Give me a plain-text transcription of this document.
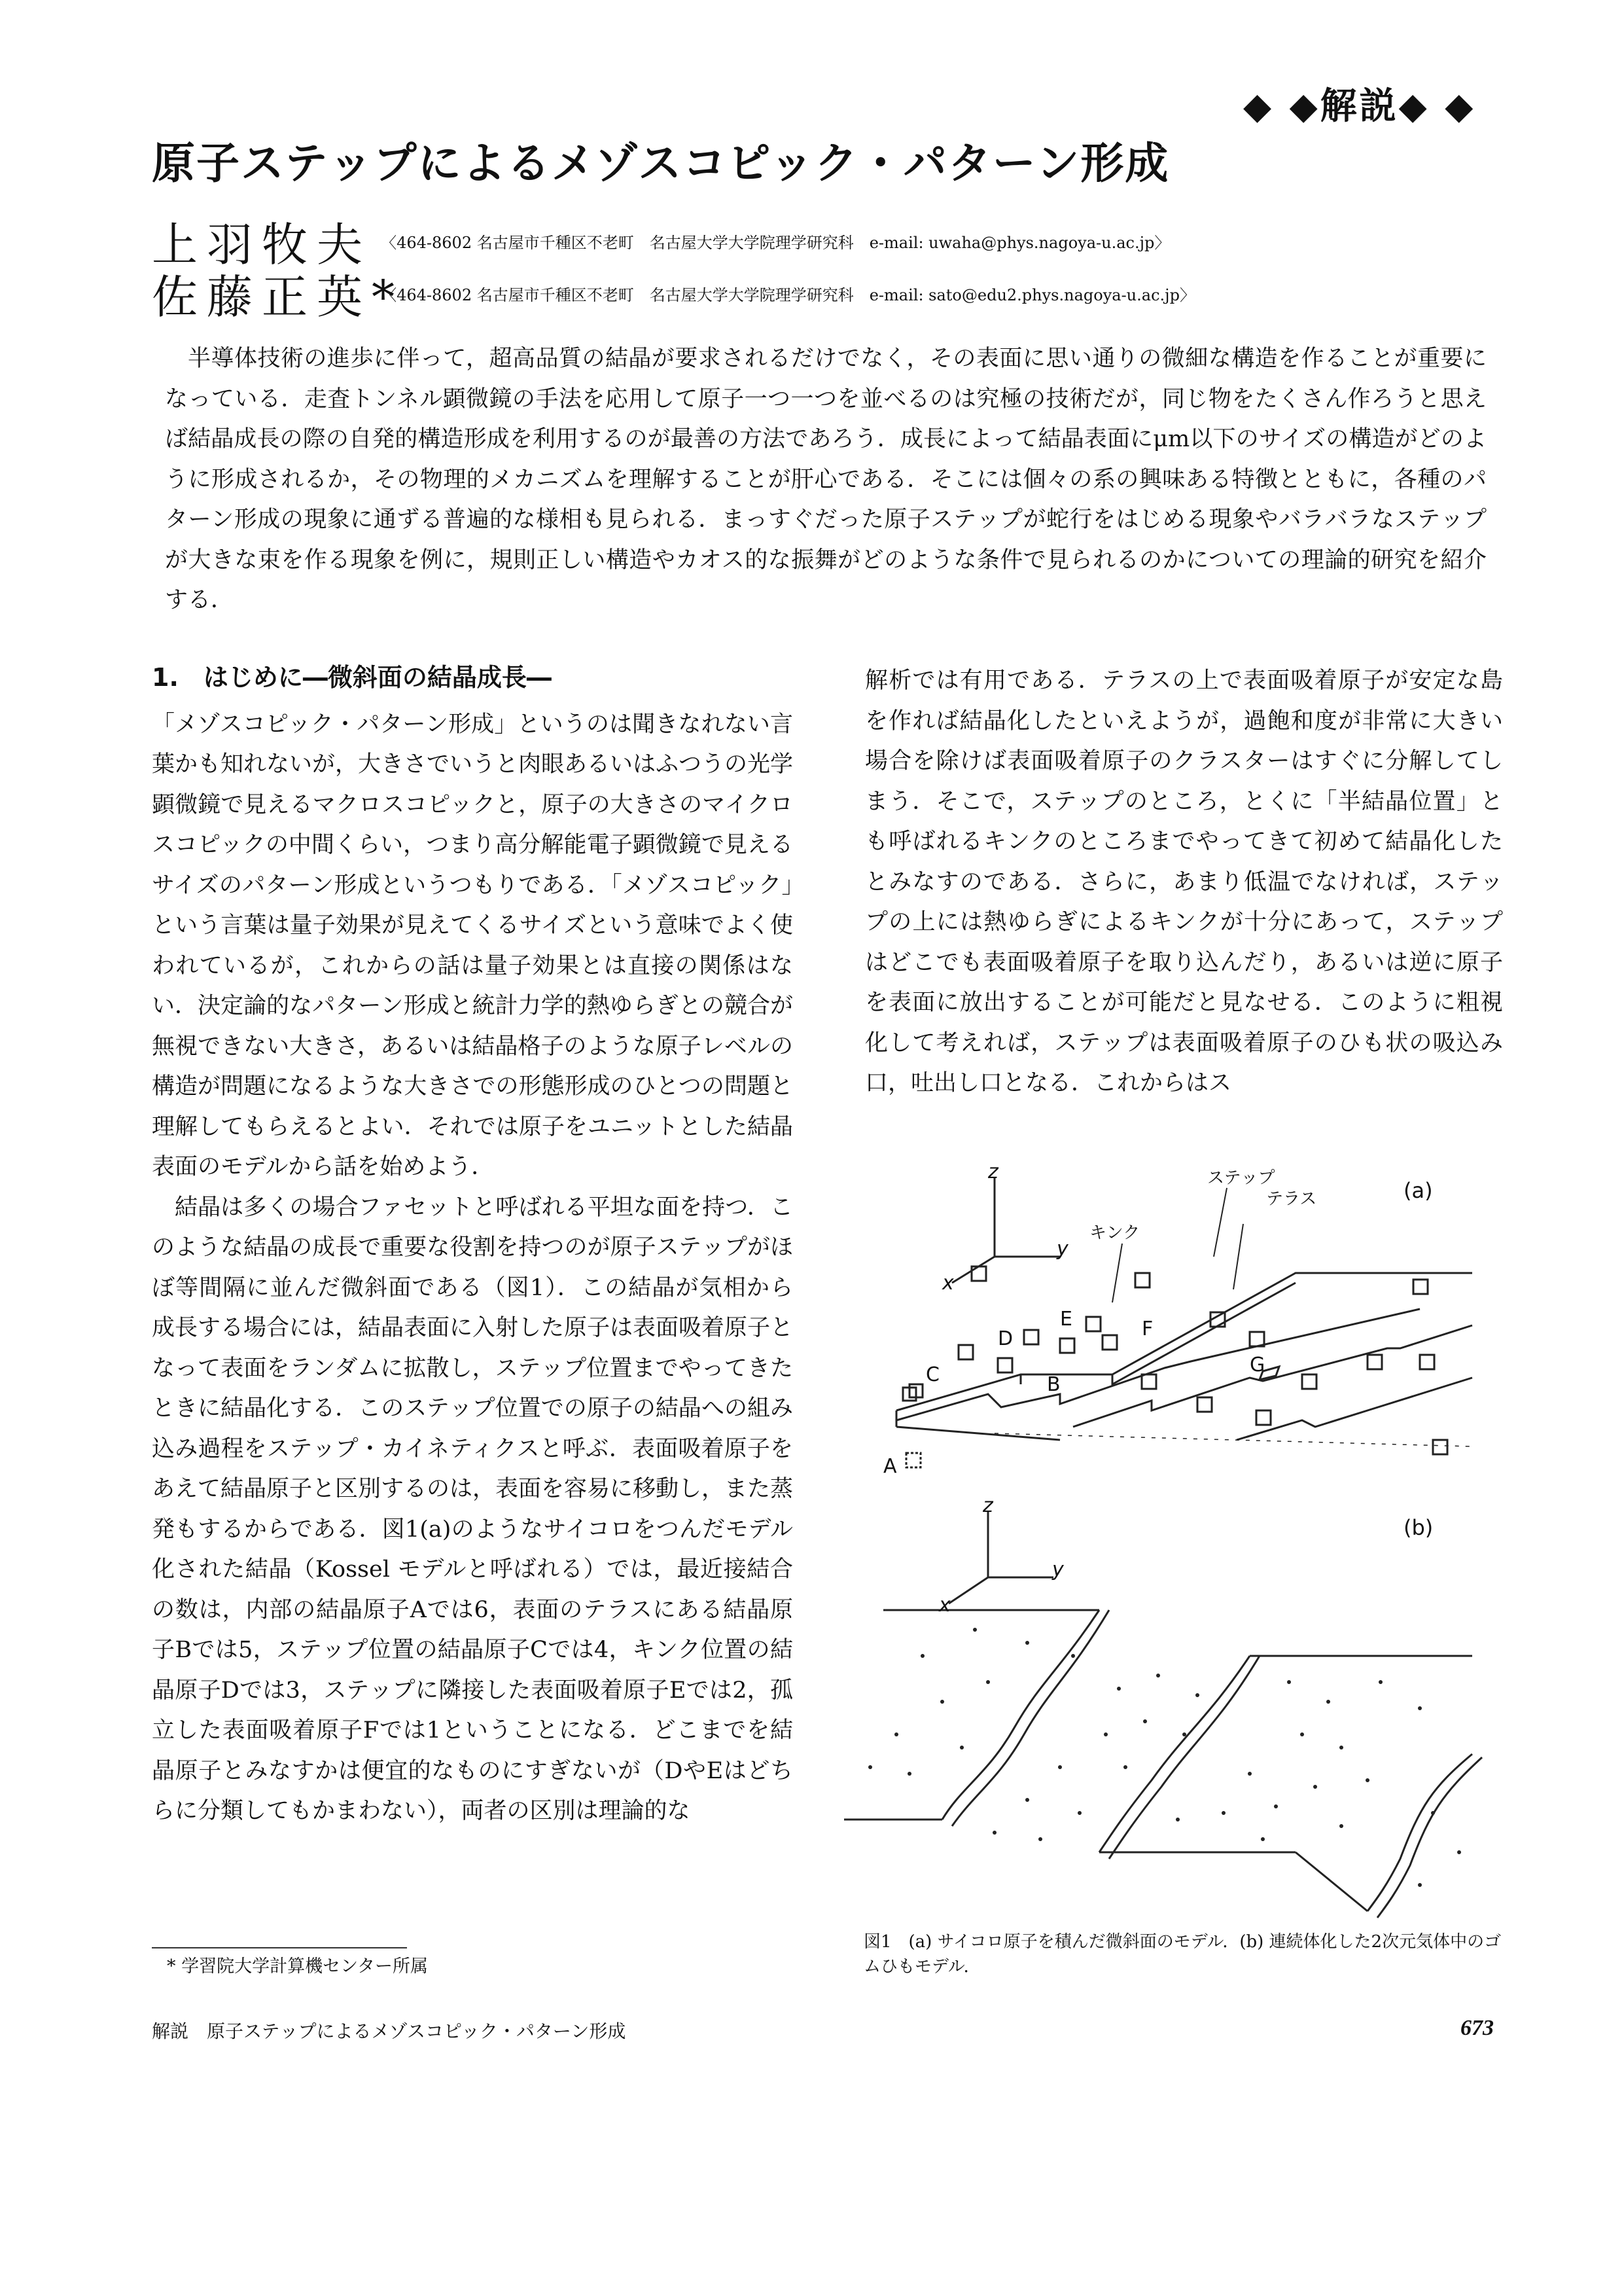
◆ ◆解説◆ ◆
原子ステップによるメゾスコピック・パターン形成
上羽牧夫 〈464-8602 名古屋市千種区不老町　名古屋大学大学院理学研究科　e-mail: uwaha@phys.nagoya-u.ac.jp〉
佐藤正英* 〈464-8602 名古屋市千種区不老町　名古屋大学大学院理学研究科　e-mail: sato@edu2.phys.nagoya-u.ac.jp〉
半導体技術の進歩に伴って，超高品質の結晶が要求されるだけでなく，その表面に思い通りの微細な構造を作ることが重要になっている．走査トンネル顕微鏡の手法を応用して原子一つ一つを並べるのは究極の技術だが，同じ物をたくさん作ろうと思えば結晶成長の際の自発的構造形成を利用するのが最善の方法であろう．成長によって結晶表面にμm以下のサイズの構造がどのように形成されるか，その物理的メカニズムを理解することが肝心である．そこには個々の系の興味ある特徴とともに，各種のパターン形成の現象に通ずる普遍的な様相も見られる．まっすぐだった原子ステップが蛇行をはじめる現象やバラバラなステップが大きな束を作る現象を例に，規則正しい構造やカオス的な振舞がどのような条件で見られるのかについての理論的研究を紹介する．
1.　はじめに―微斜面の結晶成長―

「メゾスコピック・パターン形成」というのは聞きなれない言葉かも知れないが，大きさでいうと肉眼あるいはふつうの光学顕微鏡で見えるマクロスコピックと，原子の大きさのマイクロスコピックの中間くらい，つまり高分解能電子顕微鏡で見えるサイズのパターン形成というつもりである．「メゾスコピック」という言葉は量子効果が見えてくるサイズという意味でよく使われているが，これからの話は量子効果とは直接の関係はない．決定論的なパターン形成と統計力学的熱ゆらぎとの競合が無視できない大きさ，あるいは結晶格子のような原子レベルの構造が問題になるような大きさでの形態形成のひとつの問題と理解してもらえるとよい．それでは原子をユニットとした結晶表面のモデルから話を始めよう．

結晶は多くの場合ファセットと呼ばれる平坦な面を持つ．このような結晶の成長で重要な役割を持つのが原子ステップがほぼ等間隔に並んだ微斜面である（図1）．この結晶が気相から成長する場合には，結晶表面に入射した原子は表面吸着原子となって表面をランダムに拡散し，ステップ位置までやってきたときに結晶化する．このステップ位置での原子の結晶への組み込み過程をステップ・カイネティクスと呼ぶ．表面吸着原子をあえて結晶原子と区別するのは，表面を容易に移動し，また蒸発もするからである．図1(a)のようなサイコロをつんだモデル化された結晶（Kossel モデルと呼ばれる）では，最近接結合の数は，内部の結晶原子Aでは6，表面のテラスにある結晶原子Bでは5，ステップ位置の結晶原子Cでは4，キンク位置の結晶原子Dでは3，ステップに隣接した表面吸着原子Eでは2，孤立した表面吸着原子Fでは1ということになる．どこまでを結晶原子とみなすかは便宜的なものにすぎないが（DやEはどちらに分類してもかまわない），両者の区別は理論的な

解析では有用である．テラスの上で表面吸着原子が安定な島を作れば結晶化したといえようが，過飽和度が非常に大きい場合を除けば表面吸着原子のクラスターはすぐに分解してしまう．そこで，ステップのところ，とくに「半結晶位置」とも呼ばれるキンクのところまでやってきて初めて結晶化したとみなすのである．さらに，あまり低温でなければ，ステップの上には熱ゆらぎによるキンクが十分にあって，ステップはどこでも表面吸着原子を取り込んだり，あるいは逆に原子を表面に放出することが可能だと見なせる．このように粗視化して考えれば，ステップは表面吸着原子のひも状の吸込み口，吐出し口となる．これからはス

z
y
x
(a)
ステップ
テラス
キンク
A
B
C
D
E	F
G
z
y
x
(b)
図1　(a) サイコロ原子を積んだ微斜面のモデル．(b) 連続体化した2次元気体中のゴムひもモデル．
* 学習院大学計算機センター所属
解説　原子ステップによるメゾスコピック・パターン形成	673
